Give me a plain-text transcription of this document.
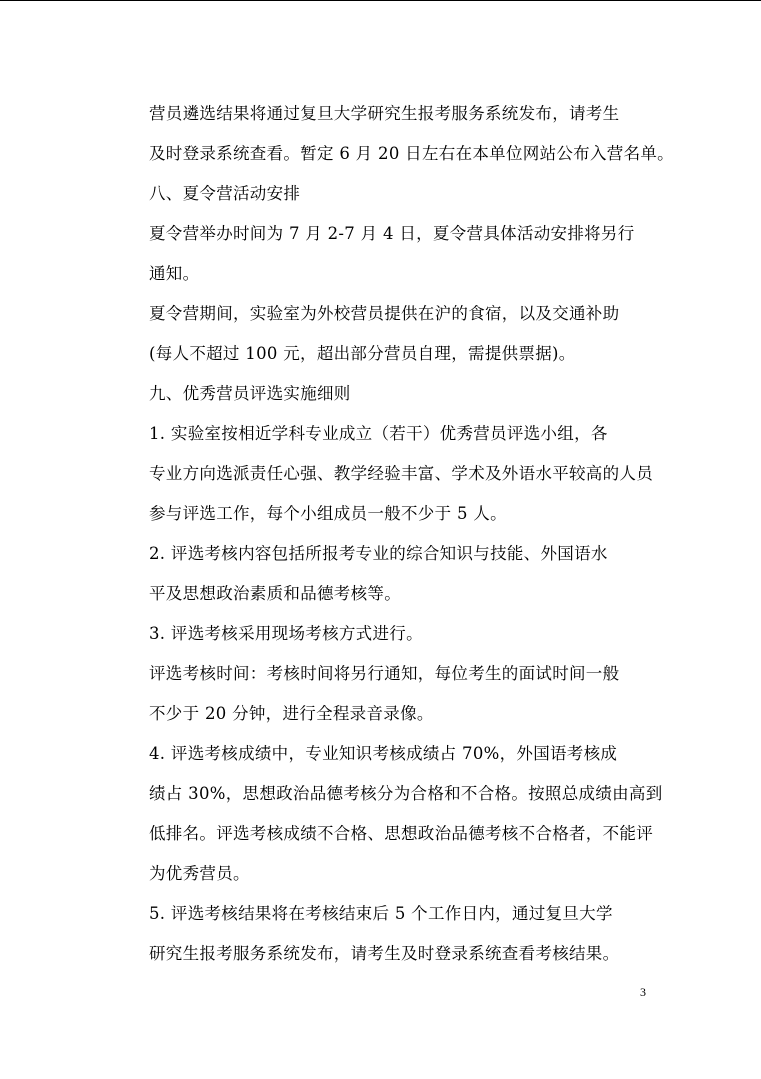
营员遴选结果将通过复旦大学研究生报考服务系统发布，请考生
及时登录系统查看。暂定 6 月 20 日左右在本单位网站公布入营名单。

八、夏令营活动安排

夏令营举办时间为 7 月 2-7 月 4 日，夏令营具体活动安排将另行
通知。

夏令营期间，实验室为外校营员提供在沪的食宿，以及交通补助
(每人不超过 100 元，超出部分营员自理，需提供票据)。

九、优秀营员评选实施细则

1. 实验室按相近学科专业成立（若干）优秀营员评选小组，各
专业方向选派责任心强、教学经验丰富、学术及外语水平较高的人员
参与评选工作，每个小组成员一般不少于 5 人。

2. 评选考核内容包括所报考专业的综合知识与技能、外国语水
平及思想政治素质和品德考核等。

3. 评选考核采用现场考核方式进行。

评选考核时间：考核时间将另行通知，每位考生的面试时间一般
不少于 20 分钟，进行全程录音录像。

4. 评选考核成绩中，专业知识考核成绩占 70%，外国语考核成
绩占 30%，思想政治品德考核分为合格和不合格。按照总成绩由高到
低排名。评选考核成绩不合格、思想政治品德考核不合格者，不能评
为优秀营员。

5. 评选考核结果将在考核结束后 5 个工作日内，通过复旦大学
研究生报考服务系统发布，请考生及时登录系统查看考核结果。

3
